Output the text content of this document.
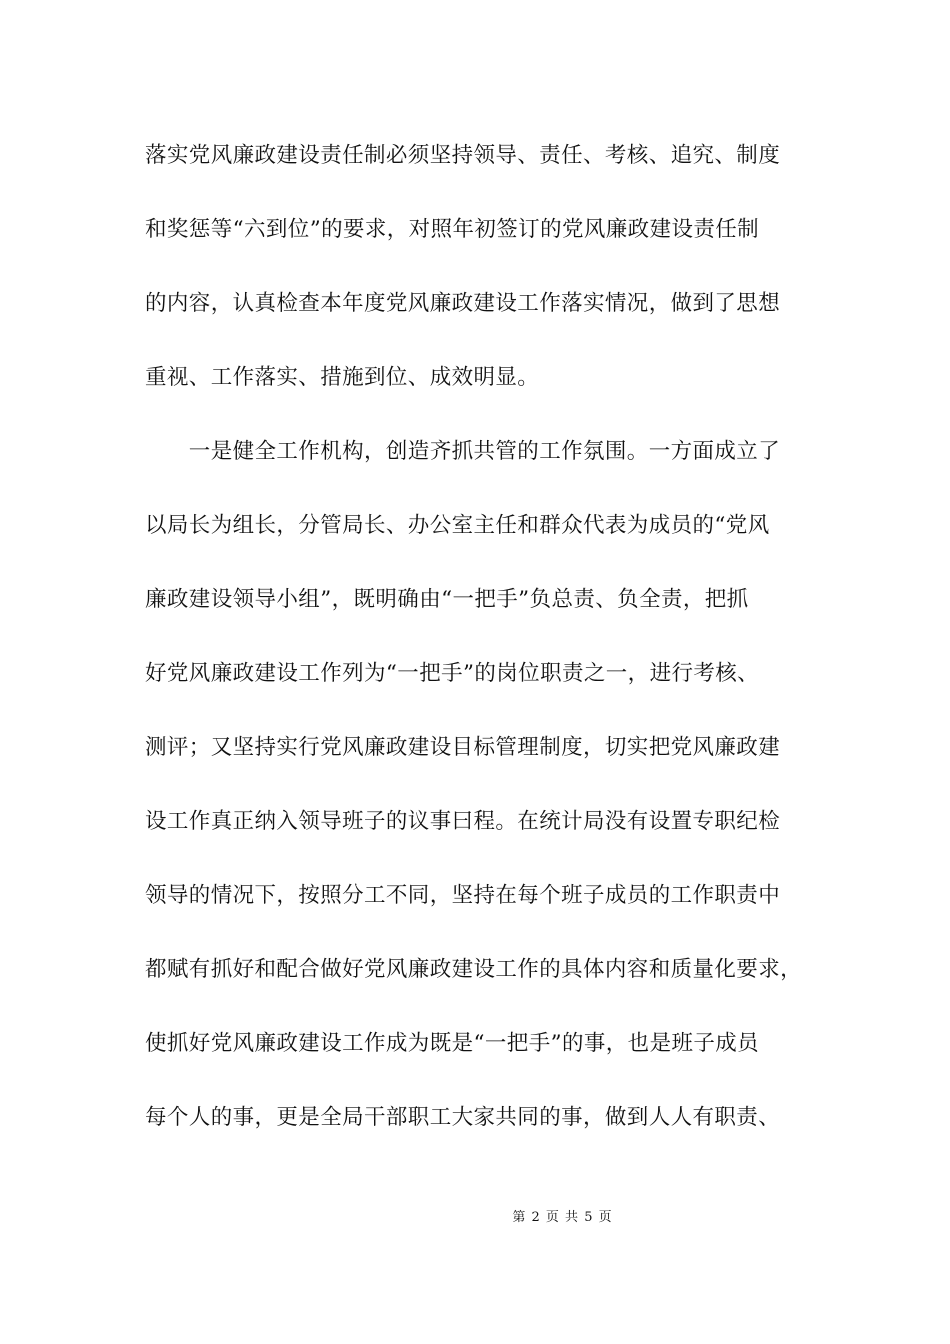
落实党风廉政建设责任制必须坚持领导、责任、考核、追究、制度
和奖惩等“六到位”的要求，对照年初签订的党风廉政建设责任制
的内容，认真检查本年度党风廉政建设工作落实情况，做到了思想
重视、工作落实、措施到位、成效明显。
　　一是健全工作机构，创造齐抓共管的工作氛围。一方面成立了
以局长为组长，分管局长、办公室主任和群众代表为成员的“党风
廉政建设领导小组”，既明确由“一把手”负总责、负全责，把抓
好党风廉政建设工作列为“一把手”的岗位职责之一，进行考核、
测评；又坚持实行党风廉政建设目标管理制度，切实把党风廉政建
设工作真正纳入领导班子的议事曰程。在统计局没有设置专职纪检
领导的情况下，按照分工不同，坚持在每个班子成员的工作职责中
都赋有抓好和配合做好党风廉政建设工作的具体内容和质量化要求，
使抓好党风廉政建设工作成为既是“一把手”的事，也是班子成员
每个人的事，更是全局干部职工大家共同的事，做到人人有职责、
第 2 页 共 5 页
